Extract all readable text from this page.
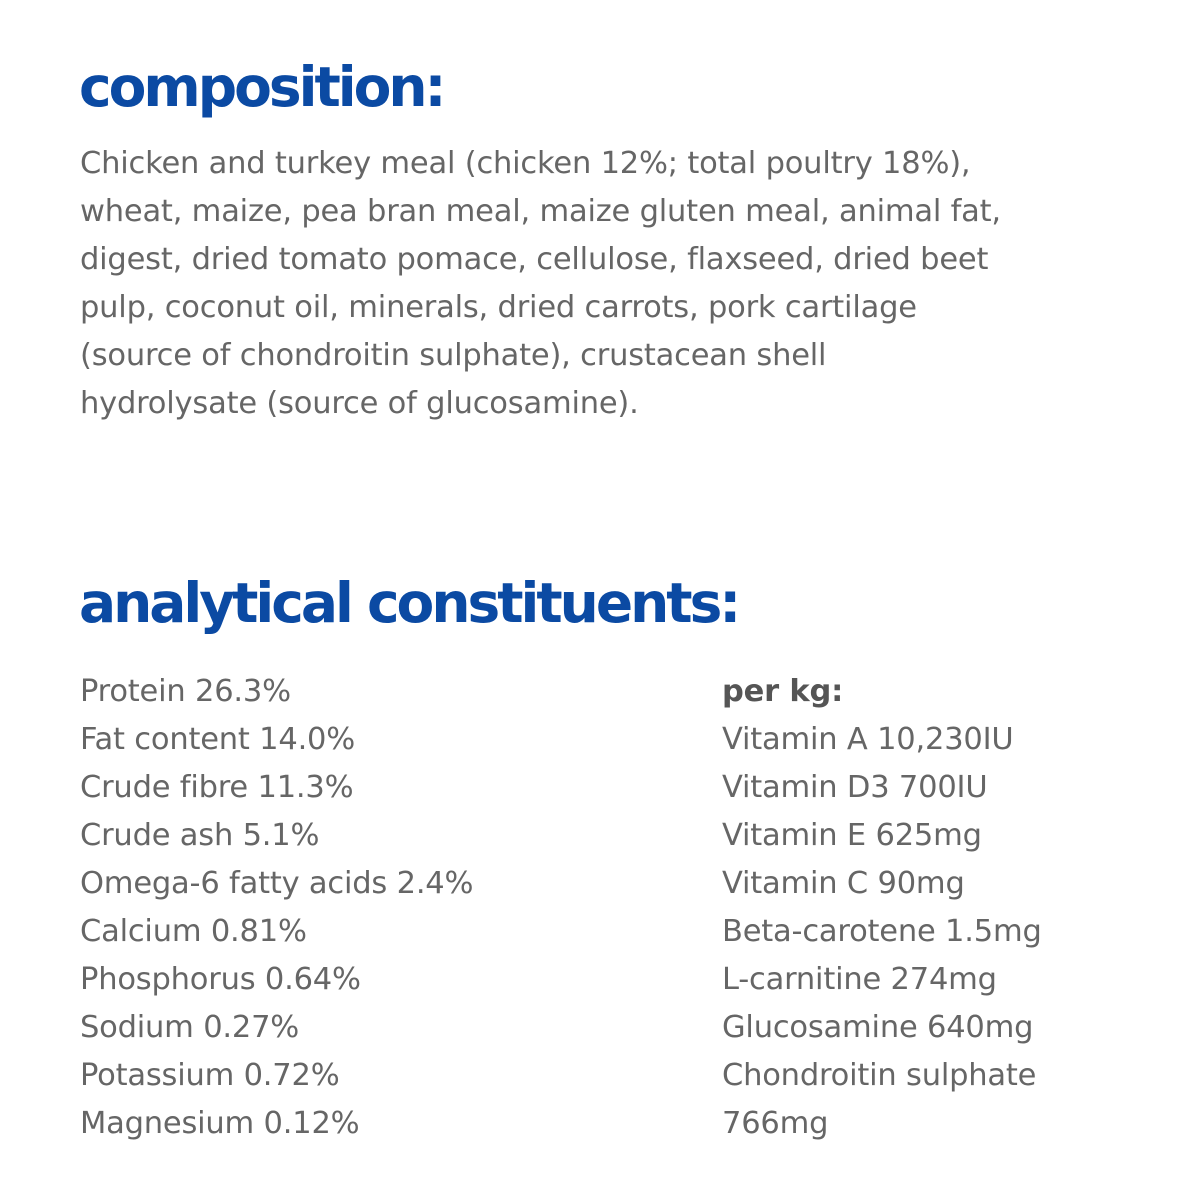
composition:

Chicken and turkey meal (chicken 12%; total poultry 18%),
wheat, maize, pea bran meal, maize gluten meal, animal fat,
digest, dried tomato pomace, cellulose, flaxseed, dried beet
pulp, coconut oil, minerals, dried carrots, pork cartilage
(source of chondroitin sulphate), crustacean shell
hydrolysate (source of glucosamine).

analytical constituents:
Protein 26.3%
Fat content 14.0%
Crude fibre 11.3%
Crude ash 5.1%
Omega-6 fatty acids 2.4%
Calcium 0.81%
Phosphorus 0.64%
Sodium 0.27%
Potassium 0.72%
Magnesium 0.12%
per kg:
Vitamin A 10,230IU
Vitamin D3 700IU
Vitamin E 625mg
Vitamin C 90mg
Beta-carotene 1.5mg
L-carnitine 274mg
Glucosamine 640mg
Chondroitin sulphate
766mg
